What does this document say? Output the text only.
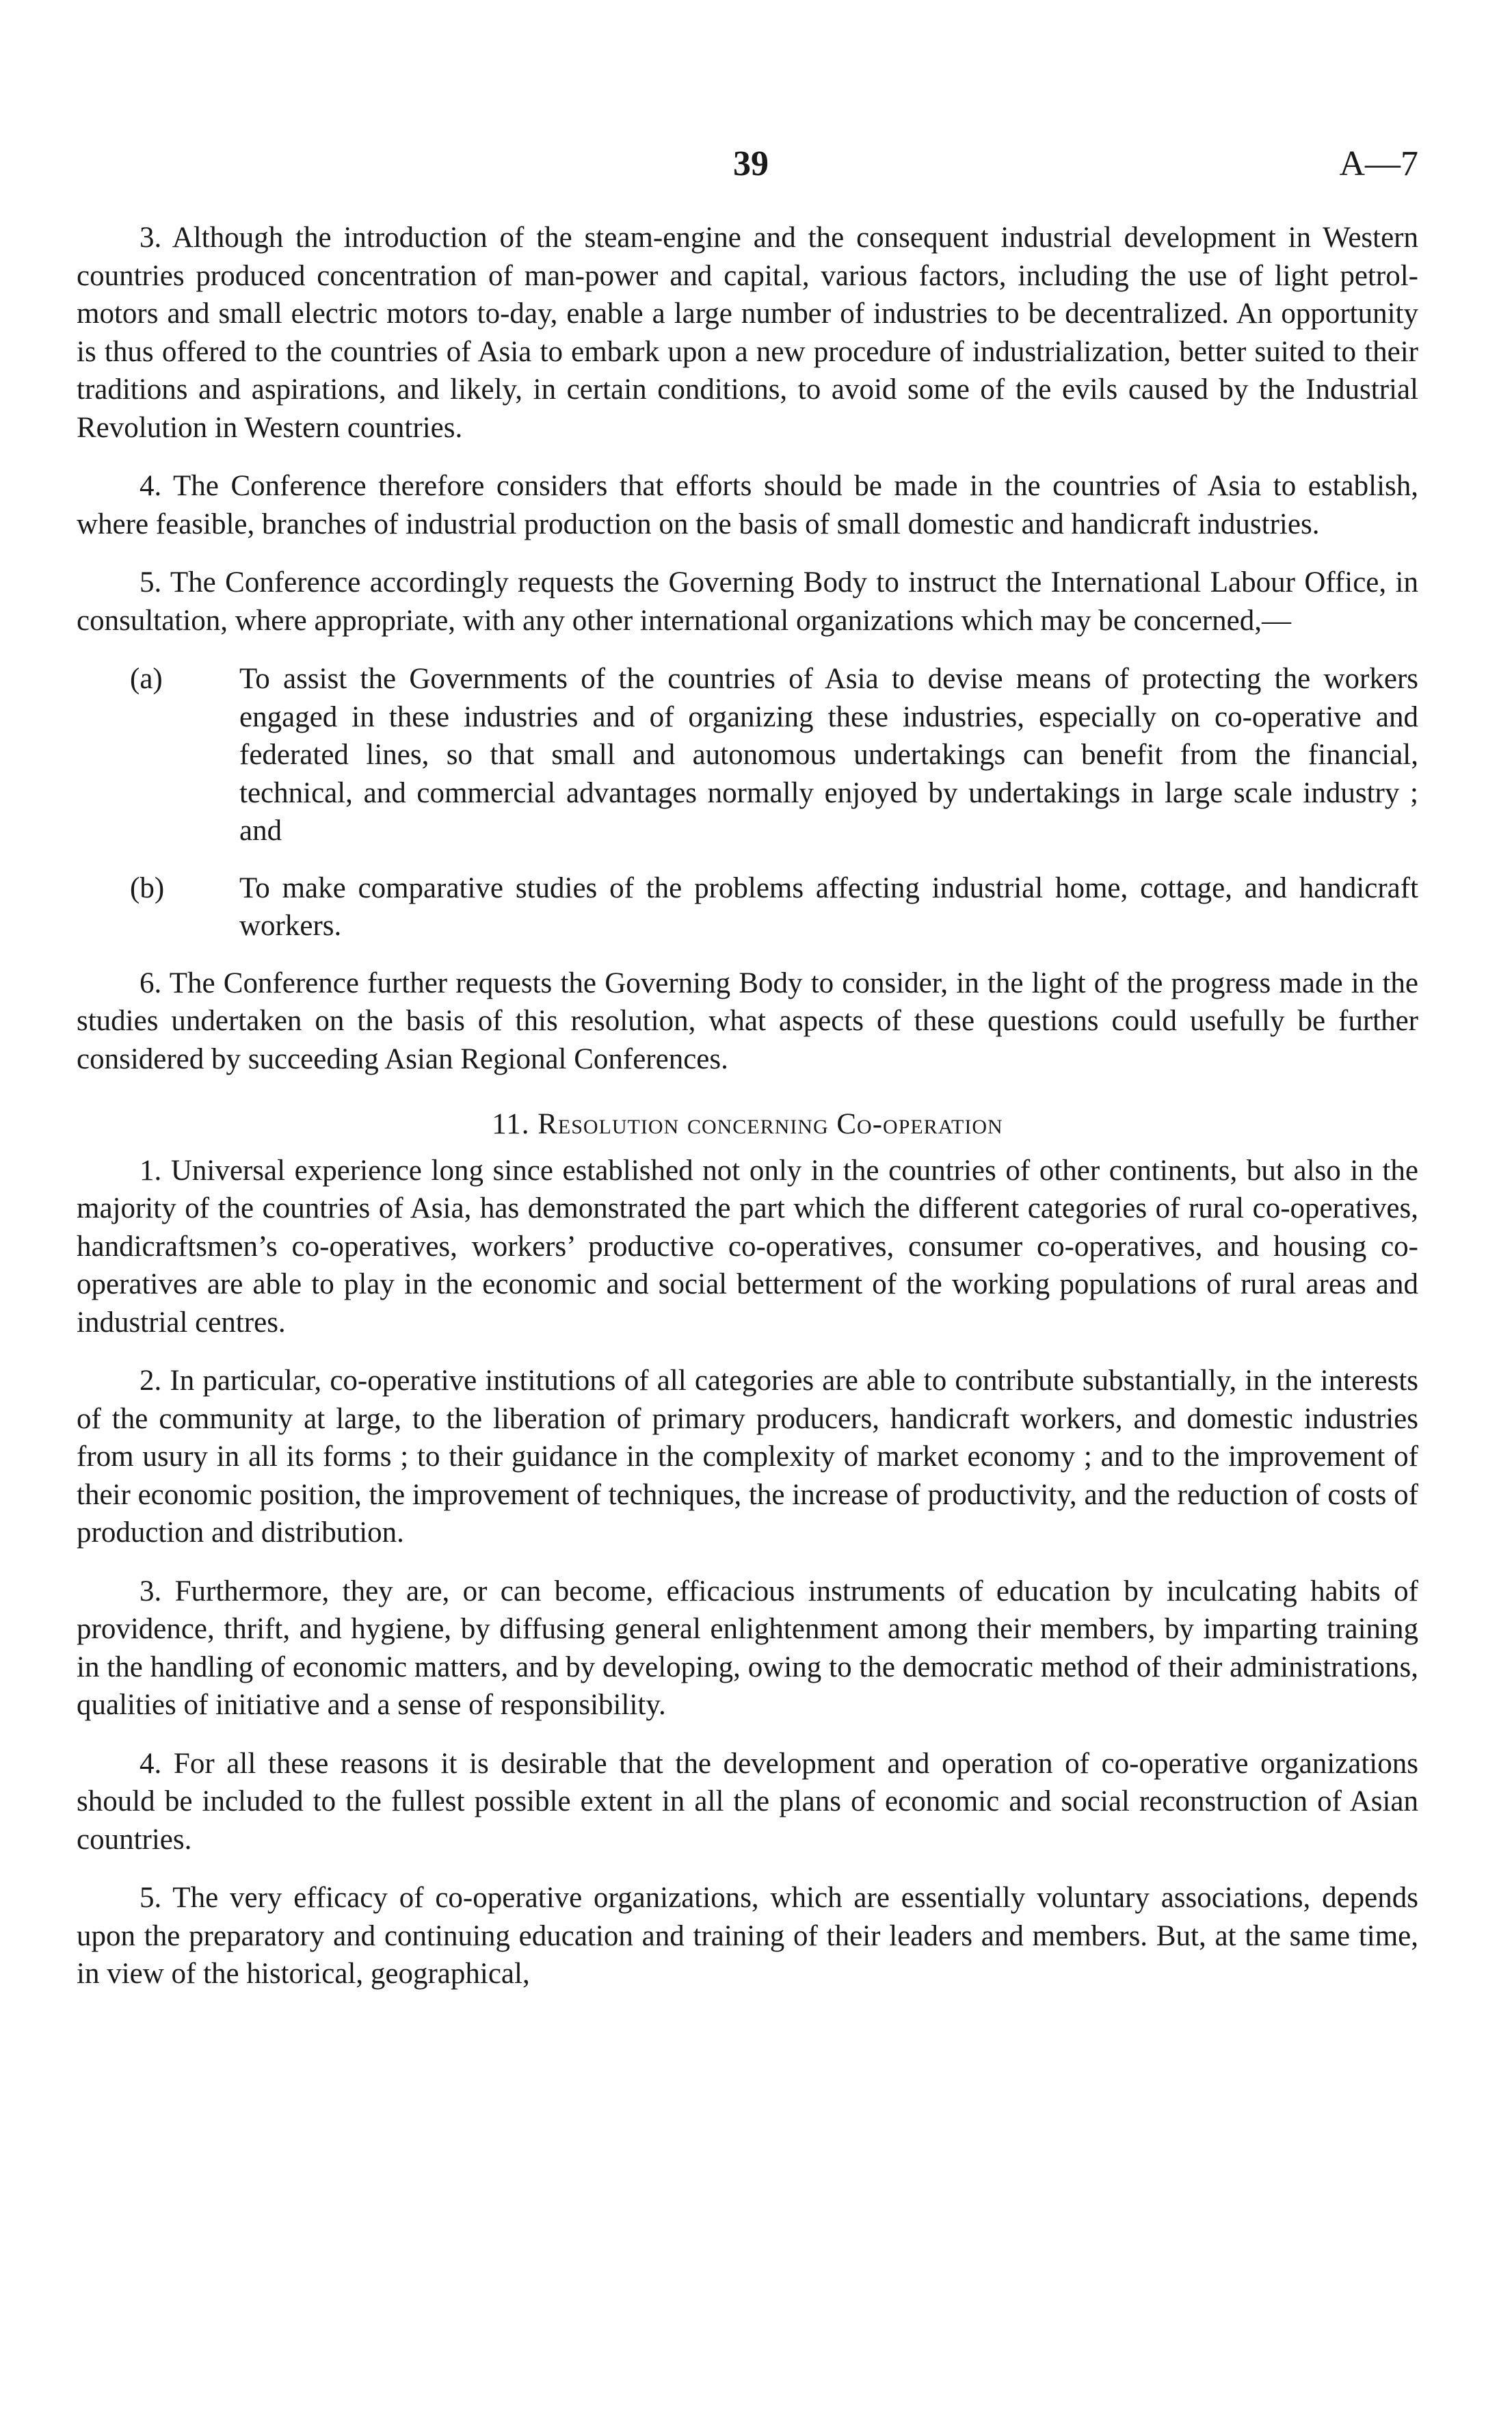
39	A—7

3. Although the introduction of the steam-engine and the consequent industrial development in Western countries produced concentration of man-power and capital, various factors, including the use of light petrol-motors and small electric motors to-day, enable a large number of industries to be decentralized. An opportunity is thus offered to the countries of Asia to embark upon a new procedure of industrialization, better suited to their traditions and aspirations, and likely, in certain conditions, to avoid some of the evils caused by the Industrial Revolution in Western countries.

4. The Conference therefore considers that efforts should be made in the countries of Asia to establish, where feasible, branches of industrial production on the basis of small domestic and handicraft industries.

5. The Conference accordingly requests the Governing Body to instruct the International Labour Office, in consultation, where appropriate, with any other international organizations which may be concerned,—

(a)	To assist the Governments of the countries of Asia to devise means of protecting the workers engaged in these industries and of organizing these industries, especially on co-operative and federated lines, so that small and autonomous undertakings can benefit from the financial, technical, and commercial advantages normally enjoyed by undertakings in large scale industry ; and
(b)	To make comparative studies of the problems affecting industrial home, cottage, and handicraft workers.

6. The Conference further requests the Governing Body to consider, in the light of the progress made in the studies undertaken on the basis of this resolution, what aspects of these questions could usefully be further considered by succeeding Asian Regional Conferences.

11. Resolution concerning Co-operation

1. Universal experience long since established not only in the countries of other continents, but also in the majority of the countries of Asia, has demonstrated the part which the different categories of rural co-operatives, handicraftsmen’s co-operatives, workers’ productive co-operatives, consumer co-operatives, and housing co-operatives are able to play in the economic and social betterment of the working populations of rural areas and industrial centres.

2. In particular, co-operative institutions of all categories are able to contribute substantially, in the interests of the community at large, to the liberation of primary producers, handicraft workers, and domestic industries from usury in all its forms ; to their guidance in the complexity of market economy ; and to the improvement of their economic position, the improvement of techniques, the increase of productivity, and the reduction of costs of production and distribution.

3. Furthermore, they are, or can become, efficacious instruments of education by inculcating habits of providence, thrift, and hygiene, by diffusing general enlightenment among their members, by imparting training in the handling of economic matters, and by developing, owing to the democratic method of their administrations, qualities of initiative and a sense of responsibility.

4. For all these reasons it is desirable that the development and operation of co-operative organizations should be included to the fullest possible extent in all the plans of economic and social reconstruction of Asian countries.

5. The very efficacy of co-operative organizations, which are essentially voluntary associations, depends upon the preparatory and continuing education and training of their leaders and members. But, at the same time, in view of the historical, geographical,
